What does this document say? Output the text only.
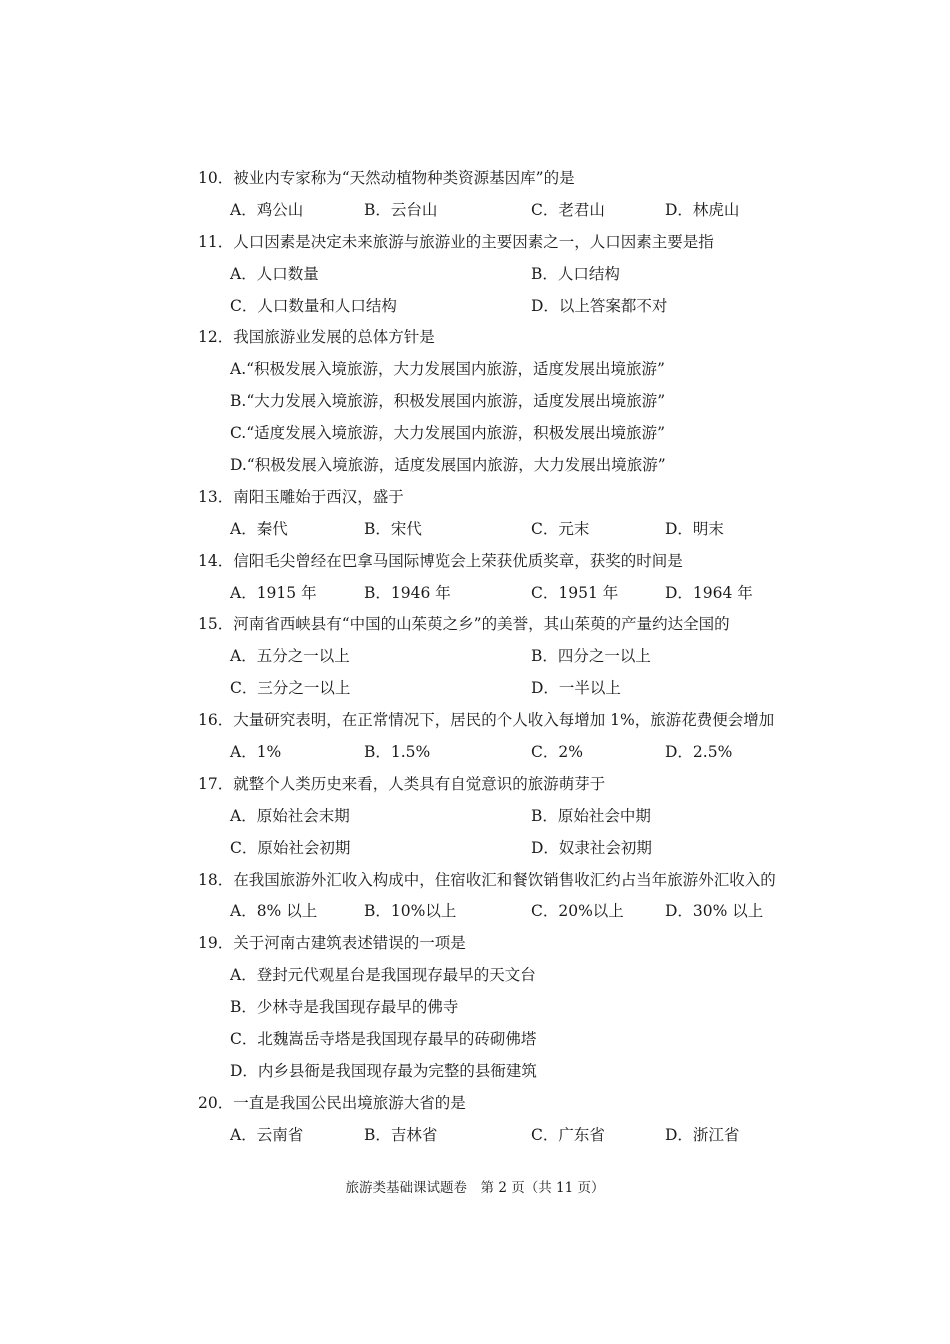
10．被业内专家称为“天然动植物种类资源基因库”的是
A．鸡公山	B．云台山	C．老君山	D．林虎山
11．人口因素是决定未来旅游与旅游业的主要因素之一，人口因素主要是指
A．人口数量	B．人口结构
C．人口数量和人口结构	D．以上答案都不对
12．我国旅游业发展的总体方针是
A.“积极发展入境旅游，大力发展国内旅游，适度发展出境旅游”
B.“大力发展入境旅游，积极发展国内旅游，适度发展出境旅游”
C.“适度发展入境旅游，大力发展国内旅游，积极发展出境旅游”
D.“积极发展入境旅游，适度发展国内旅游，大力发展出境旅游”
13．南阳玉雕始于西汉，盛于
A．秦代	B．宋代	C．元末	D．明末
14．信阳毛尖曾经在巴拿马国际博览会上荣获优质奖章，获奖的时间是
A．1915 年	B．1946 年	C．1951 年	D．1964 年
15．河南省西峡县有“中国的山茱萸之乡”的美誉，其山茱萸的产量约达全国的
A．五分之一以上	B．四分之一以上
C．三分之一以上	D．一半以上
16．大量研究表明，在正常情况下，居民的个人收入每增加 1%，旅游花费便会增加
A．1%	B．1.5%	C．2%	D．2.5%
17．就整个人类历史来看，人类具有自觉意识的旅游萌芽于
A．原始社会末期	B．原始社会中期
C．原始社会初期	D．奴隶社会初期
18．在我国旅游外汇收入构成中，住宿收汇和餐饮销售收汇约占当年旅游外汇收入的
A．8% 以上	B．10%以上	C．20%以上	D．30% 以上
19．关于河南古建筑表述错误的一项是
A．登封元代观星台是我国现存最早的天文台
B．少林寺是我国现存最早的佛寺
C．北魏嵩岳寺塔是我国现存最早的砖砌佛塔
D．内乡县衙是我国现存最为完整的县衙建筑
20．一直是我国公民出境旅游大省的是
A．云南省	B．吉林省	C．广东省	D．浙江省
旅游类基础课试题卷　第 2 页（共 11 页）
